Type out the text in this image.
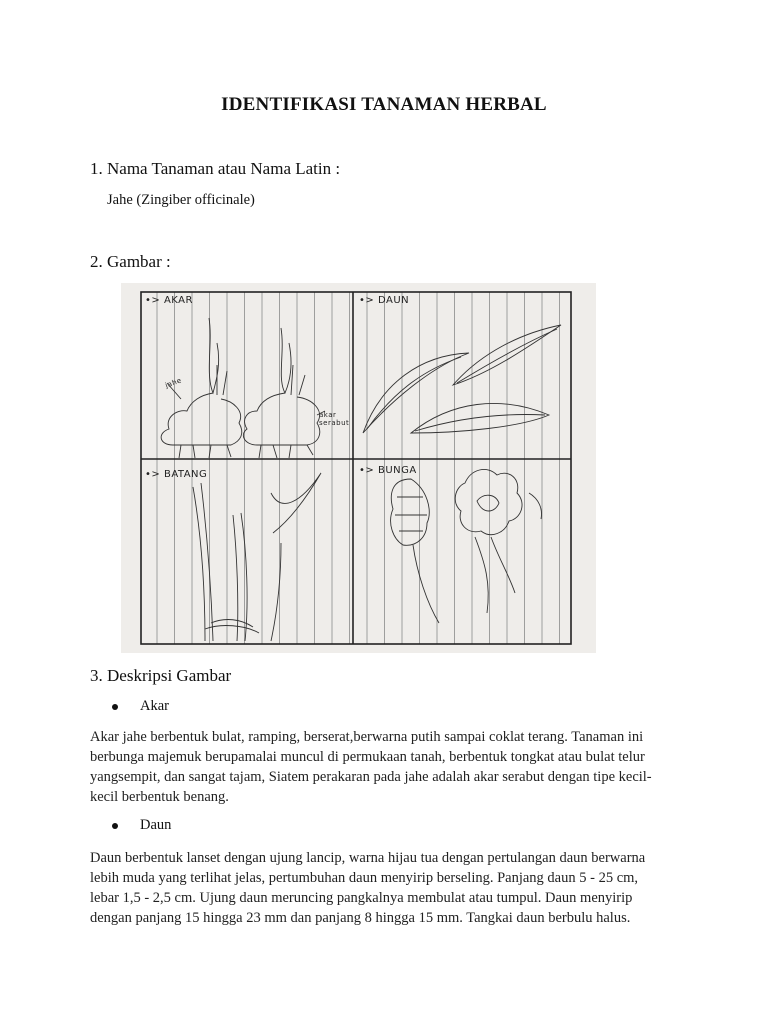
IDENTIFIKASI TANAMAN HERBAL
1. Nama Tanaman atau Nama Latin :
Jahe (Zingiber officinale)
2. Gambar :
•> AKAR	•> DAUN
•> BATANG	•> BUNGA
jahe
akar serabut
3. Deskripsi Gambar
Akar
Akar jahe berbentuk bulat, ramping, berserat,berwarna putih sampai coklat terang. Tanaman ini
berbunga majemuk berupamalai muncul di permukaan tanah, berbentuk tongkat atau bulat telur
yangsempit, dan sangat tajam, Siatem perakaran pada jahe adalah akar serabut dengan tipe kecil-
kecil berbentuk benang.
Daun
Daun berbentuk lanset dengan ujung lancip, warna hijau tua dengan pertulangan daun berwarna
lebih muda yang terlihat jelas, pertumbuhan daun menyirip berseling. Panjang daun 5 - 25 cm,
lebar 1,5 - 2,5 cm. Ujung daun meruncing pangkalnya membulat atau tumpul. Daun menyirip
dengan panjang 15 hingga 23 mm dan panjang 8 hingga 15 mm. Tangkai daun berbulu halus.
